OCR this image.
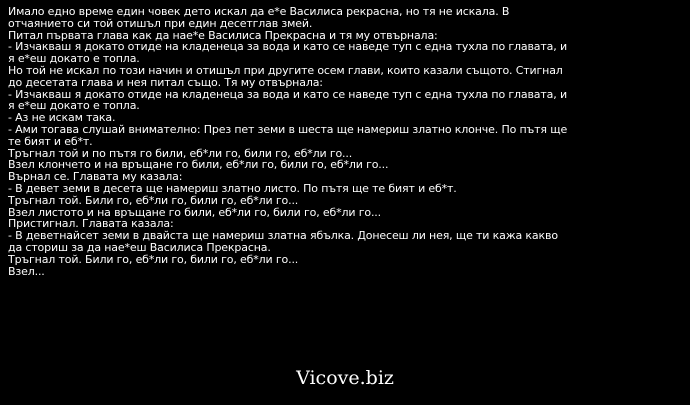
Имало едно време един човек дето искал да е*е Василиса рекрасна, но тя не искала. В
отчаянието си той отишъл при един десетглав змей.
Питал първата глава как да нае*е Василиса Прекрасна и тя му отвърнала:
- Изчакваш я докато отиде на кладенеца за вода и като се наведе туп с една тухла по главата, и
я е*еш докато е топла.
Но той не искал по този начин и отишъл при другите осем глави, които казали същото. Стигнал
до десетата глава и нея питал също. Тя му отвърнала:
- Изчакваш я докато отиде на кладенеца за вода и като се наведе туп с една тухла по главата, и
я е*еш докато е топла.
- Аз не искам така.
- Ами тогава слушай внимателно: През пет земи в шеста ще намериш златно клонче. По пътя ще
те бият и еб*т.
Тръгнал той и по пътя го били, еб*ли го, били го, еб*ли го...
Взел клончето и на връщане го били, еб*ли го, били го, еб*ли го...
Върнал се. Главата му казала:
- В девет земи в десета ще намериш златно листо. По пътя ще те бият и еб*т.
Тръгнал той. Били го, еб*ли го, били го, еб*ли го...
Взел листото и на връщане го били, еб*ли го, били го, еб*ли го...
Пристигнал. Главата казала:
- В деветнайсет земи в двайста ще намериш златна ябълка. Донесеш ли нея, ще ти кажа какво
да сториш за да нае*еш Василиса Прекрасна.
Тръгнал той. Били го, еб*ли го, били го, еб*ли го...
Взел...
Vicove.biz
